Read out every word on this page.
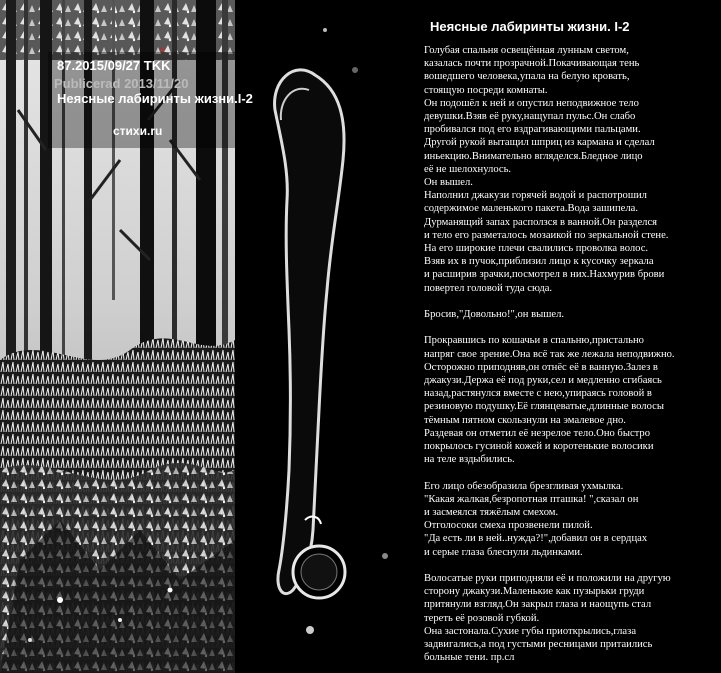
*
87.2015/09/27 TKK
Publicerad 2013/11/20
Неясные лабиринты жизни.I-2
стихи.ru
Неясные лабиринты жизни. I-2
Голубая спальня освещённая лунным светом,
казалась почти прозрачной.Покачивающая тень
вошедшего человека,упала на белую кровать,
стоящую посреди комнаты.
Он подошёл к ней и опустил неподвижное тело
девушки.Взяв её руку,нащупал пульс.Он слабо
пробивался под его вздрагивающими пальцами.
Другой рукой вытащил шприц из кармана и сделал
иньекцию.Внимательно вгляделся.Бледное лицо
её не шелохнулось.
Он вышел.
Наполнил джакузи горячей водой и распотрошил
содержимое маленького пакета.Вода зашипела.
Дурманящий запах расползся в ванной.Он разделся
и тело его разметалось мозаикой по зеркальной стене.
На его широкие плечи свалились проволка волос.
Взяв их в пучок,приблизил лицо к кусочку зеркала
и расширив зрачки,посмотрел в них.Нахмурив брови
повертел головой туда сюда.
Бросив,"Довольно!",он вышел.
Прокравшись по кошачьи в спальню,пристально
напряг свое зрение.Она всё так же лежала неподвижно.
Осторожно приподняв,он отнёс её в ванную.Залез в
джакузи.Держа её под руки,сел и медленно сгибаясь
назад,растянулся вместе с нею,упираясь головой в
резиновую подушку.Её глянцеватые,длинные волосы
тёмным пятном скользнули на эмалевое дно.
Раздевая он отметил её незрелое тело.Оно быстро
покрылось гусиной кожей и коротенькие волосики
на теле вздыбились.
Его лицо обезобразила брезгливая ухмылка.
"Какая жалкая,безропотная пташка! ",сказал он
и засмеялся тяжёлым смехом.
Отголосоки смеха прозвенели пилой.
"Да есть ли в ней..нужда?!",добавил он в сердцах
и серые глаза блеснули льдинками.
Волосатые руки приподняли её и положили на другую
сторону джакузи.Маленькие как пузырьки груди
притянули взгляд.Он закрыл глаза и наощупь стал
тереть её розовой губкой.
Она застонала.Сухие губы приоткрылись,глаза
задвигались,а под густыми ресницами притаились
больные тени. пр.сл
